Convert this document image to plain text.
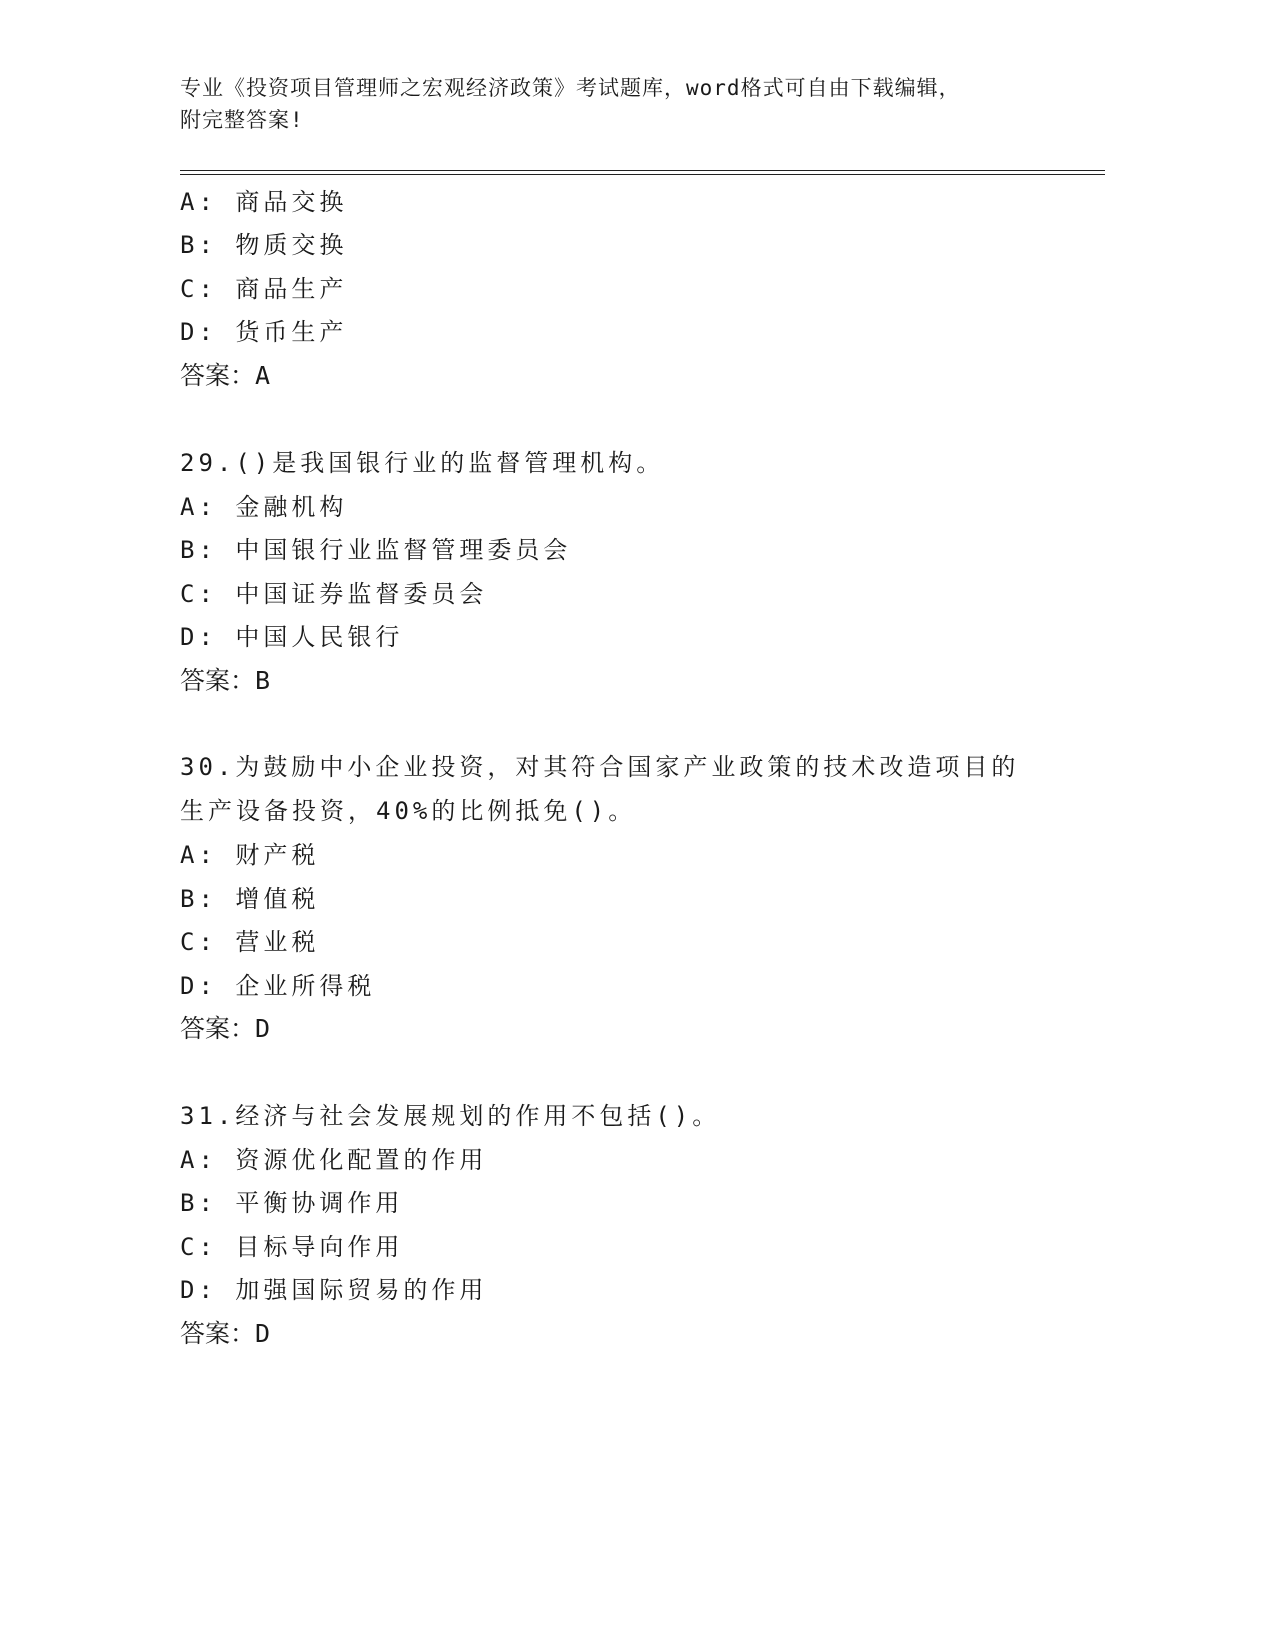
专业《投资项目管理师之宏观经济政策》考试题库，word格式可自由下载编辑，
附完整答案!
A: 商品交换
B: 物质交换
C: 商品生产
D: 货币生产
答案：A
29.()是我国银行业的监督管理机构。
A: 金融机构
B: 中国银行业监督管理委员会
C: 中国证券监督委员会
D: 中国人民银行
答案：B
30.为鼓励中小企业投资，对其符合国家产业政策的技术改造项目的生产设备投资，40%的比例抵免()。
A: 财产税
B: 增值税
C: 营业税
D: 企业所得税
答案：D
31.经济与社会发展规划的作用不包括()。
A: 资源优化配置的作用
B: 平衡协调作用
C: 目标导向作用
D: 加强国际贸易的作用
答案：D
